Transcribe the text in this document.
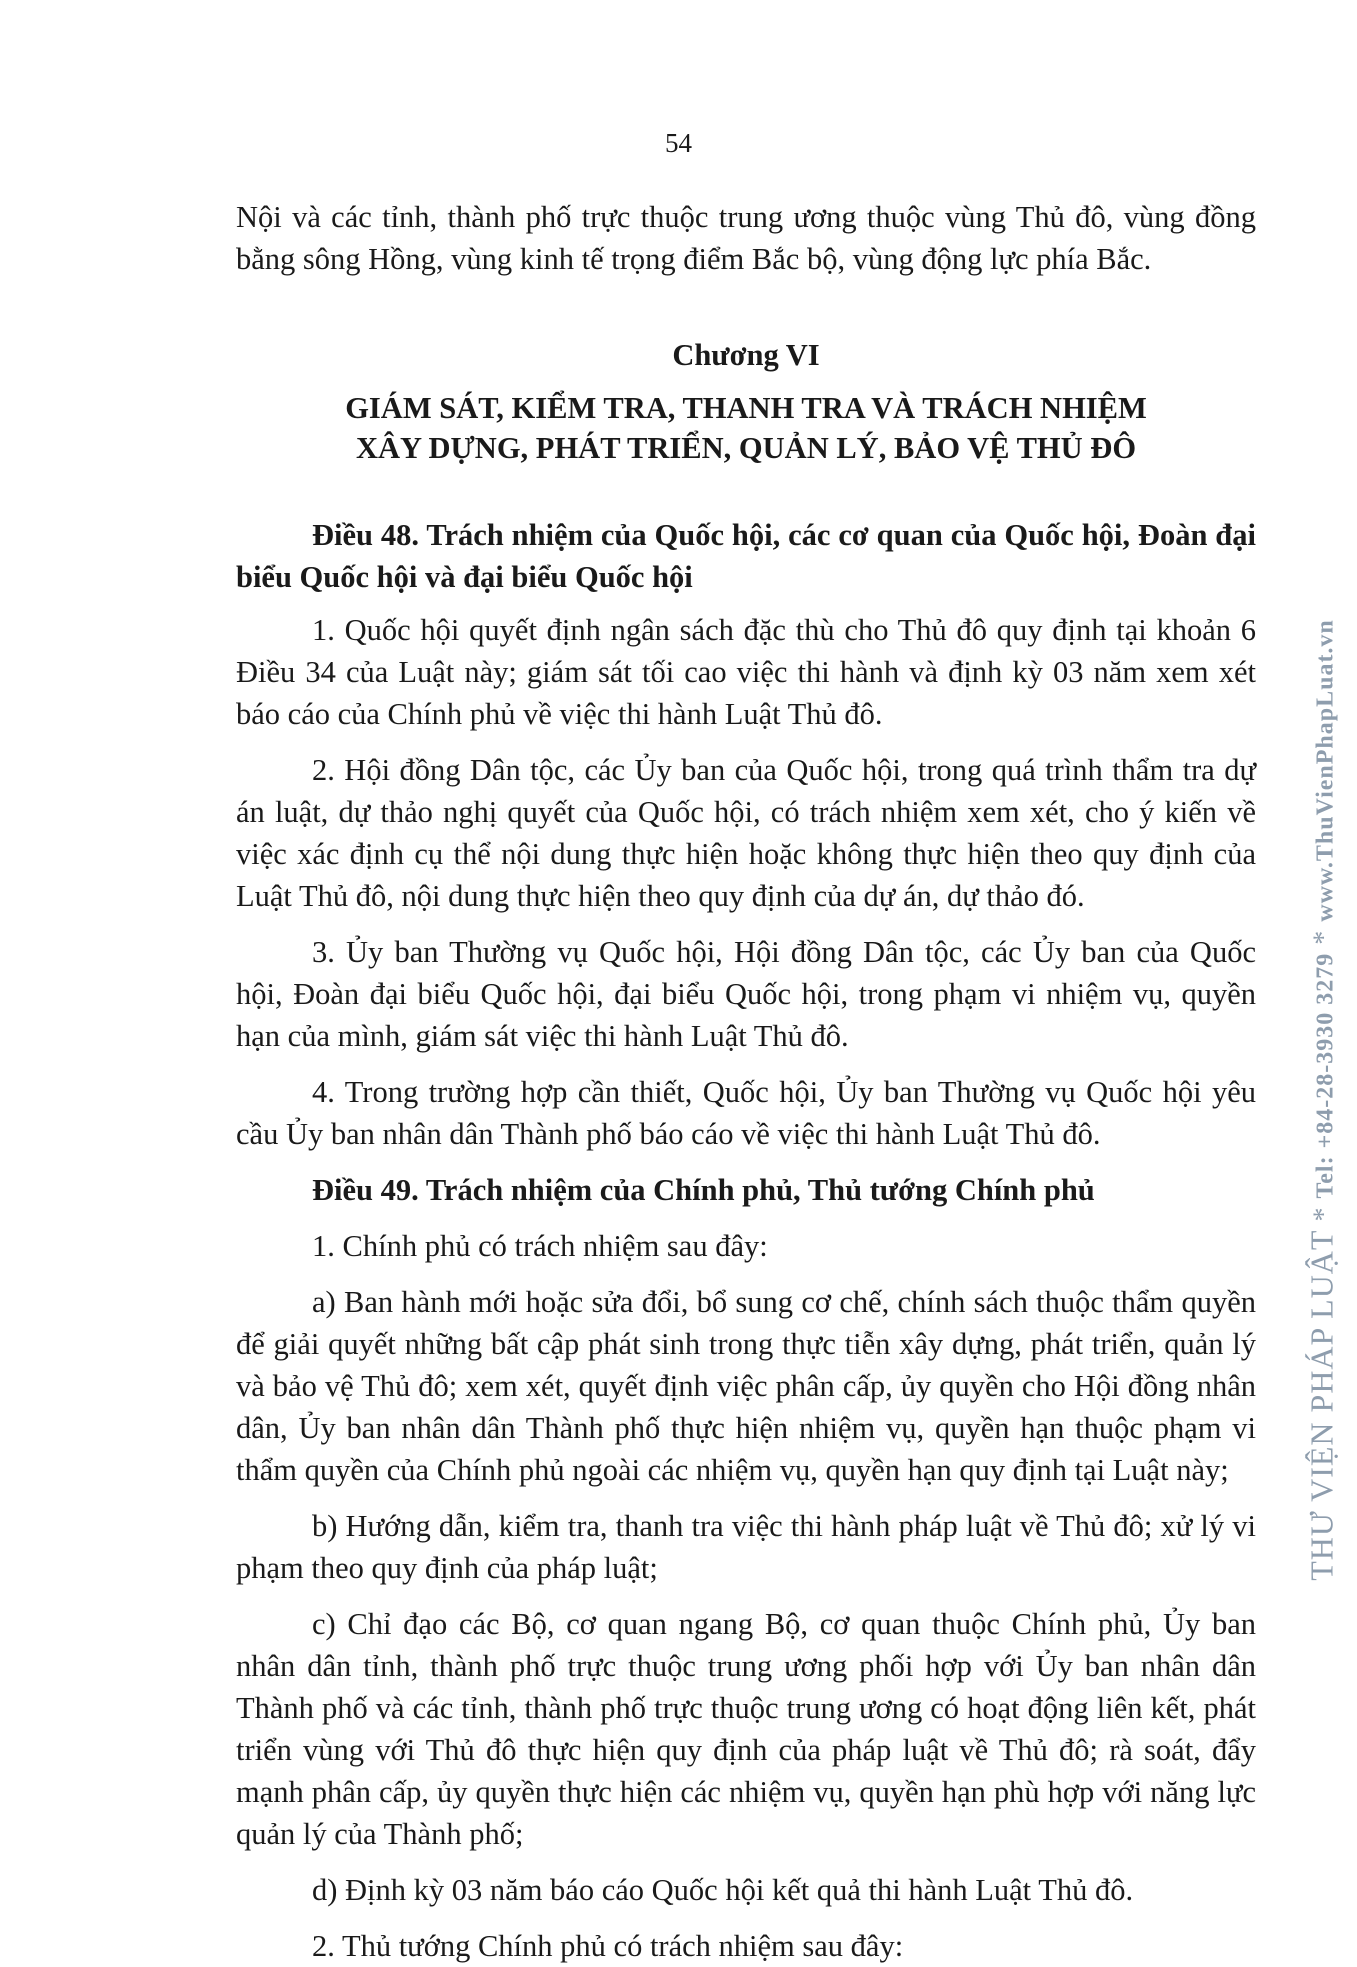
54

Nội và các tỉnh, thành phố trực thuộc trung ương thuộc vùng Thủ đô, vùng đồng bằng sông Hồng, vùng kinh tế trọng điểm Bắc bộ, vùng động lực phía Bắc.

Chương VI
GIÁM SÁT, KIỂM TRA, THANH TRA VÀ TRÁCH NHIỆM
XÂY DỰNG, PHÁT TRIỂN, QUẢN LÝ, BẢO VỆ THỦ ĐÔ

Điều 48. Trách nhiệm của Quốc hội, các cơ quan của Quốc hội, Đoàn đại biểu Quốc hội và đại biểu Quốc hội

1. Quốc hội quyết định ngân sách đặc thù cho Thủ đô quy định tại khoản 6 Điều 34 của Luật này; giám sát tối cao việc thi hành và định kỳ 03 năm xem xét báo cáo của Chính phủ về việc thi hành Luật Thủ đô.

2. Hội đồng Dân tộc, các Ủy ban của Quốc hội, trong quá trình thẩm tra dự án luật, dự thảo nghị quyết của Quốc hội, có trách nhiệm xem xét, cho ý kiến về việc xác định cụ thể nội dung thực hiện hoặc không thực hiện theo quy định của Luật Thủ đô, nội dung thực hiện theo quy định của dự án, dự thảo đó.

3. Ủy ban Thường vụ Quốc hội, Hội đồng Dân tộc, các Ủy ban của Quốc hội, Đoàn đại biểu Quốc hội, đại biểu Quốc hội, trong phạm vi nhiệm vụ, quyền hạn của mình, giám sát việc thi hành Luật Thủ đô.

4. Trong trường hợp cần thiết, Quốc hội, Ủy ban Thường vụ Quốc hội yêu cầu Ủy ban nhân dân Thành phố báo cáo về việc thi hành Luật Thủ đô.

Điều 49. Trách nhiệm của Chính phủ, Thủ tướng Chính phủ

1. Chính phủ có trách nhiệm sau đây:

a) Ban hành mới hoặc sửa đổi, bổ sung cơ chế, chính sách thuộc thẩm quyền để giải quyết những bất cập phát sinh trong thực tiễn xây dựng, phát triển, quản lý và bảo vệ Thủ đô; xem xét, quyết định việc phân cấp, ủy quyền cho Hội đồng nhân dân, Ủy ban nhân dân Thành phố thực hiện nhiệm vụ, quyền hạn thuộc phạm vi thẩm quyền của Chính phủ ngoài các nhiệm vụ, quyền hạn quy định tại Luật này;

b) Hướng dẫn, kiểm tra, thanh tra việc thi hành pháp luật về Thủ đô; xử lý vi phạm theo quy định của pháp luật;

c) Chỉ đạo các Bộ, cơ quan ngang Bộ, cơ quan thuộc Chính phủ, Ủy ban nhân dân tỉnh, thành phố trực thuộc trung ương phối hợp với Ủy ban nhân dân Thành phố và các tỉnh, thành phố trực thuộc trung ương có hoạt động liên kết, phát triển vùng với Thủ đô thực hiện quy định của pháp luật về Thủ đô; rà soát, đẩy mạnh phân cấp, ủy quyền thực hiện các nhiệm vụ, quyền hạn phù hợp với năng lực quản lý của Thành phố;

d) Định kỳ 03 năm báo cáo Quốc hội kết quả thi hành Luật Thủ đô.

2. Thủ tướng Chính phủ có trách nhiệm sau đây:

THƯ VIỆN PHÁP LUẬT * Tel: +84-28-3930 3279 * www.ThuVienPhapLuat.vn
